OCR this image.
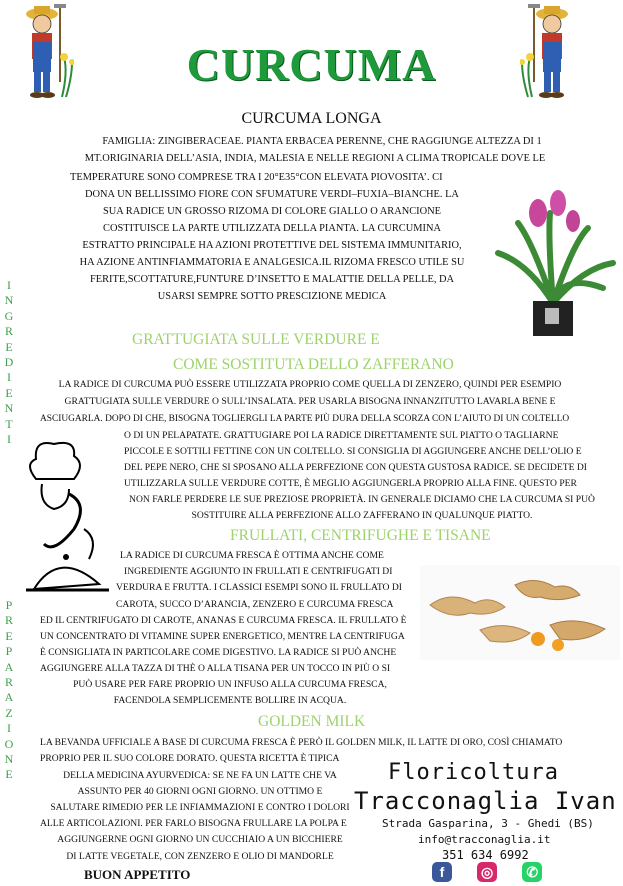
CURCUMA
CURCUMA LONGA
FAMIGLIA: ZINGIBERACEAE. PIANTA ERBACEA PERENNE, CHE RAGGIUNGE ALTEZZA DI 1
MT.ORIGINARIA DELL’ASIA, INDIA, MALESIA E NELLE REGIONI A CLIMA TROPICALE DOVE LE
TEMPERATURE SONO COMPRESE TRA I 20°E35°CON ELEVATA PIOVOSITA’. CI
DONA UN BELLISSIMO FIORE CON SFUMATURE VERDI–FUXIA–BIANCHE. LA
SUA RADICE UN GROSSO RIZOMA DI COLORE GIALLO O ARANCIONE
COSTITUISCE LA PARTE UTILIZZATA DELLA PIANTA. LA CURCUMINA
ESTRATTO PRINCIPALE HA AZIONI PROTETTIVE DEL SISTEMA IMMUNITARIO,
HA AZIONE ANTINFIAMMATORIA E ANALGESICA.IL RIZOMA FRESCO UTILE SU
FERITE,SCOTTATURE,FUNTURE D’INSETTO E MALATTIE DELLA PELLE, DA
USARSI SEMPRE SOTTO PRESCIZIONE MEDICA
I
N
G
R
E
D
I
E
N
T
I
P
R
E
P
A
R
A
Z
I
O
N
E
GRATTUGIATA SULLE VERDURE E
COME SOSTITUTA DELLO ZAFFERANO
LA RADICE DI CURCUMA PUÒ ESSERE UTILIZZATA PROPRIO COME QUELLA DI ZENZERO, QUINDI PER ESEMPIO
GRATTUGIATA SULLE VERDURE O SULL’INSALATA. PER USARLA BISOGNA INNANZITUTTO LAVARLA BENE E
ASCIUGARLA. DOPO DI CHE, BISOGNA TOGLIERGLI LA PARTE PIÙ DURA DELLA SCORZA CON L’AIUTO DI UN COLTELLO
O DI UN PELAPATATE. GRATTUGIARE POI LA RADICE DIRETTAMENTE SUL PIATTO O TAGLIARNE
PICCOLE E SOTTILI FETTINE CON UN COLTELLO. SI CONSIGLIA DI AGGIUNGERE ANCHE DELL’OLIO E
DEL PEPE NERO, CHE SI SPOSANO ALLA PERFEZIONE CON QUESTA GUSTOSA RADICE. SE DECIDETE DI
UTILIZZARLA SULLE VERDURE COTTE, È MEGLIO AGGIUNGERLA PROPRIO ALLA FINE. QUESTO PER
NON FARLE PERDERE LE SUE PREZIOSE PROPRIETÀ. IN GENERALE DICIAMO CHE LA CURCUMA SI PUÒ
SOSTITUIRE ALLA PERFEZIONE ALLO ZAFFERANO IN QUALUNQUE PIATTO.
FRULLATI, CENTRIFUGHE E TISANE
LA RADICE DI CURCUMA FRESCA È OTTIMA ANCHE COME
INGREDIENTE AGGIUNTO IN FRULLATI E CENTRIFUGATI DI
VERDURA E FRUTTA. I CLASSICI ESEMPI SONO IL FRULLATO DI
CAROTA, SUCCO D’ARANCIA, ZENZERO E CURCUMA FRESCA
ED IL CENTRIFUGATO DI CAROTE, ANANAS E CURCUMA FRESCA. IL FRULLATO È
UN CONCENTRATO DI VITAMINE SUPER ENERGETICO, MENTRE LA CENTRIFUGA
È CONSIGLIATA IN PARTICOLARE COME DIGESTIVO. LA RADICE SI PUÒ ANCHE
AGGIUNGERE ALLA TAZZA DI THÈ O ALLA TISANA PER UN TOCCO IN PIÙ O SI
PUÒ USARE PER FARE PROPRIO UN INFUSO ALLA CURCUMA FRESCA,
FACENDOLA SEMPLICEMENTE BOLLIRE IN ACQUA.
GOLDEN MILK
LA BEVANDA UFFICIALE A BASE DI CURCUMA FRESCA È PERÒ IL GOLDEN MILK, IL LATTE DI ORO, COSÌ CHIAMATO
PROPRIO PER IL SUO COLORE DORATO. QUESTA RICETTA È TIPICA
DELLA MEDICINA AYURVEDICA: SE NE FA UN LATTE CHE VA
ASSUNTO PER 40 GIORNI OGNI GIORNO. UN OTTIMO E
SALUTARE RIMEDIO PER LE INFIAMMAZIONI E CONTRO I DOLORI
ALLE ARTICOLAZIONI. PER FARLO BISOGNA FRULLARE LA POLPA E
AGGIUNGERNE OGNI GIORNO UN CUCCHIAIO A UN BICCHIERE
DI LATTE VEGETALE, CON ZENZERO E OLIO DI MANDORLE
BUON APPETITO
Floricoltura
Tracconaglia Ivan
Strada Gasparina, 3 - Ghedi (BS)
info@tracconaglia.it
351 634 6992
f	◎ ✆
